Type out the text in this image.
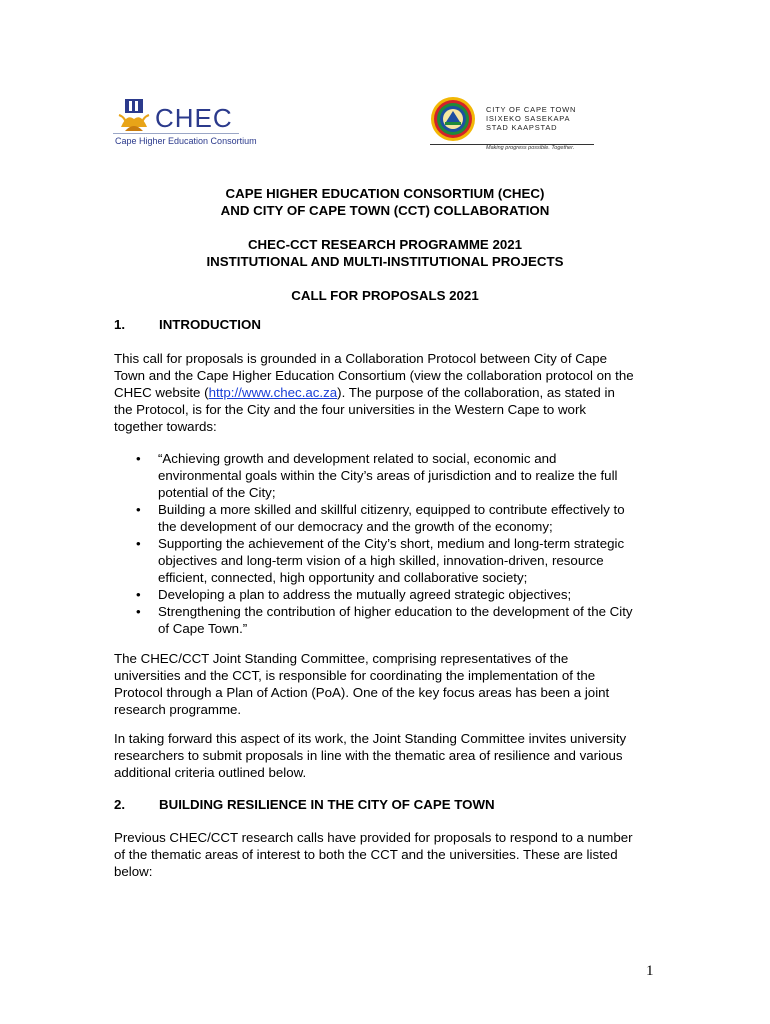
CHEC
Cape Higher Education Consortium
CITY OF CAPE TOWN
ISIXEKO SASEKAPA
STAD KAAPSTAD
Making progress possible. Together.
CAPE HIGHER EDUCATION CONSORTIUM (CHEC)
AND CITY OF CAPE TOWN (CCT) COLLABORATION
CHEC-CCT RESEARCH PROGRAMME 2021
INSTITUTIONAL AND MULTI-INSTITUTIONAL PROJECTS
CALL FOR PROPOSALS 2021
1.	INTRODUCTION
This call for proposals is grounded in a Collaboration Protocol between City of Cape
Town and the Cape Higher Education Consortium (view the collaboration protocol on the
CHEC website (http://www.chec.ac.za). The purpose of the collaboration, as stated in
the Protocol, is for the City and the four universities in the Western Cape to work
together towards:
• “Achieving growth and development related to social, economic and
environmental goals within the City’s areas of jurisdiction and to realize the full
potential of the City;
• Building a more skilled and skillful citizenry, equipped to contribute effectively to
the development of our democracy and the growth of the economy;
• Supporting the achievement of the City’s short, medium and long-term strategic
objectives and long-term vision of a high skilled, innovation-driven, resource
efficient, connected, high opportunity and collaborative society;
• Developing a plan to address the mutually agreed strategic objectives;
• Strengthening the contribution of higher education to the development of the City
of Cape Town.”
The CHEC/CCT Joint Standing Committee, comprising representatives of the
universities and the CCT, is responsible for coordinating the implementation of the
Protocol through a Plan of Action (PoA). One of the key focus areas has been a joint
research programme.
In taking forward this aspect of its work, the Joint Standing Committee invites university
researchers to submit proposals in line with the thematic area of resilience and various
additional criteria outlined below.
2.	BUILDING RESILIENCE IN THE CITY OF CAPE TOWN
Previous CHEC/CCT research calls have provided for proposals to respond to a number
of the thematic areas of interest to both the CCT and the universities. These are listed
below:
1
